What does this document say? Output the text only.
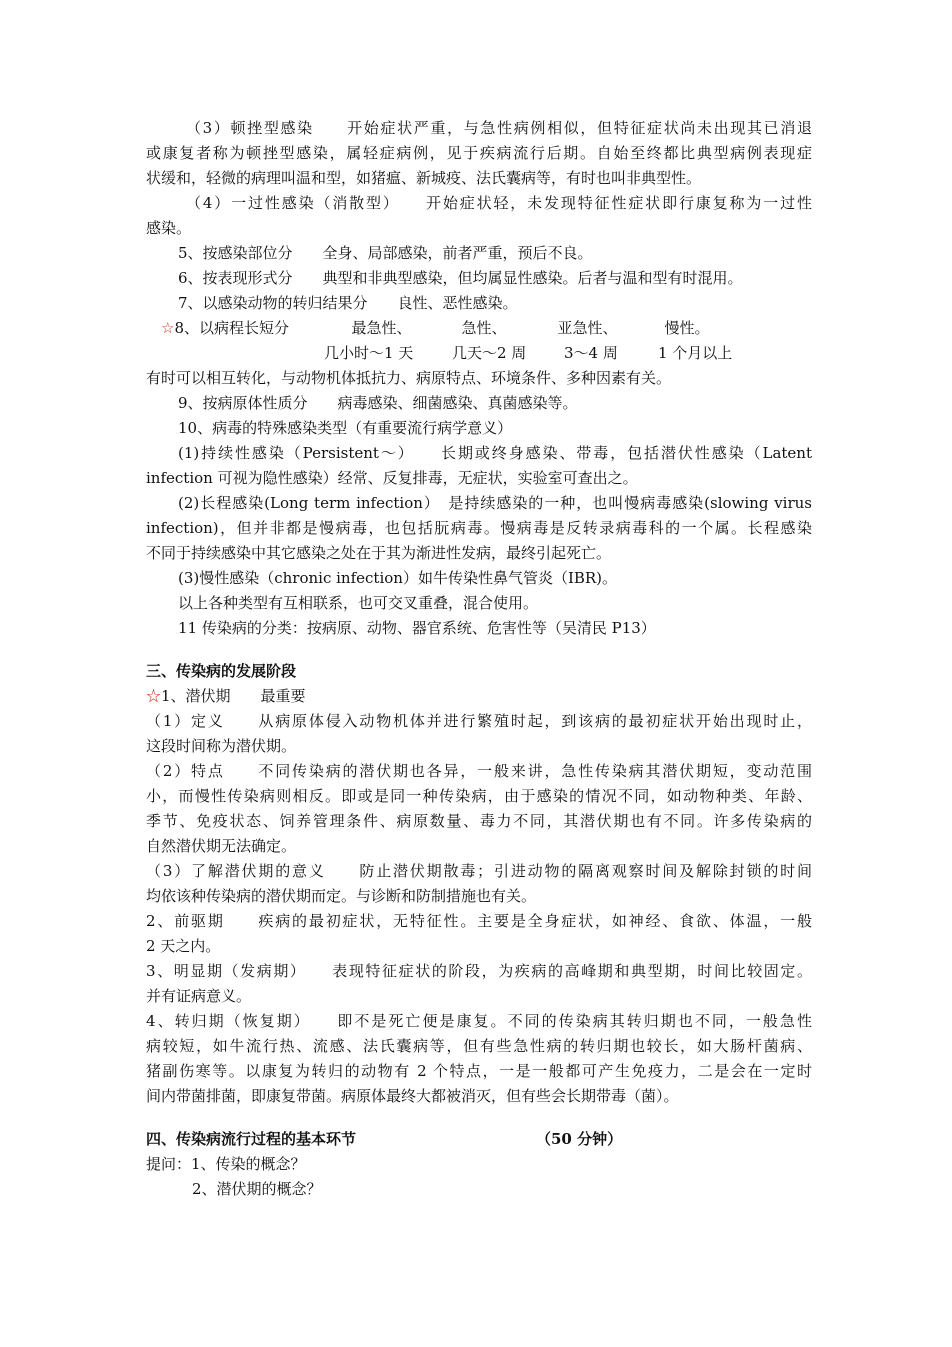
（3）顿挫型感染　　开始症状严重，与急性病例相似，但特征症状尚未出现其已消退
或康复者称为顿挫型感染，属轻症病例，见于疾病流行后期。自始至终都比典型病例表现症
状缓和，轻微的病理叫温和型，如猪瘟、新城疫、法氏囊病等，有时也叫非典型性。
（4）一过性感染（消散型）　　开始症状轻，未发现特征性症状即行康复称为一过性
感染。
5、按感染部位分　　全身、局部感染，前者严重，预后不良。
6、按表现形式分　　典型和非典型感染，但均属显性感染。后者与温和型有时混用。
7、以感染动物的转归结果分　　良性、恶性感染。
☆8、以病程长短分	最急性、	急性、	亚急性、	慢性。
几小时～1 天	几天～2 周	3～4 周	1 个月以上
有时可以相互转化，与动物机体抵抗力、病原特点、环境条件、多种因素有关。
9、按病原体性质分　　病毒感染、细菌感染、真菌感染等。
10、病毒的特殊感染类型（有重要流行病学意义）
(1)持续性感染（Persistent～）　　长期或终身感染、带毒，包括潜伏性感染（Latent
infection 可视为隐性感染）经常、反复排毒，无症状，实验室可查出之。
(2)长程感染(Long term infection）　是持续感染的一种，也叫慢病毒感染(slowing virus
infection)，但并非都是慢病毒，也包括朊病毒。慢病毒是反转录病毒科的一个属。长程感染
不同于持续感染中其它感染之处在于其为渐进性发病，最终引起死亡。
(3)慢性感染（chronic infection）如牛传染性鼻气管炎（IBR)。
以上各种类型有互相联系，也可交叉重叠，混合使用。
11 传染病的分类：按病原、动物、器官系统、危害性等（吴清民 P13）
三、传染病的发展阶段
☆1、潜伏期　　最重要
（1）定义　　从病原体侵入动物机体并进行繁殖时起，到该病的最初症状开始出现时止，
这段时间称为潜伏期。
（2）特点　　不同传染病的潜伏期也各异，一般来讲，急性传染病其潜伏期短，变动范围
小，而慢性传染病则相反。即或是同一种传染病，由于感染的情况不同，如动物种类、年龄、
季节、免疫状态、饲养管理条件、病原数量、毒力不同，其潜伏期也有不同。许多传染病的
自然潜伏期无法确定。
（3）了解潜伏期的意义　　防止潜伏期散毒；引进动物的隔离观察时间及解除封锁的时间
均依该种传染病的潜伏期而定。与诊断和防制措施也有关。
2、前驱期　　疾病的最初症状，无特征性。主要是全身症状，如神经、食欲、体温，一般
2 天之内。
3、明显期（发病期）　　表现特征症状的阶段，为疾病的高峰期和典型期，时间比较固定。
并有证病意义。
4、转归期（恢复期）　　即不是死亡便是康复。不同的传染病其转归期也不同，一般急性
病较短，如牛流行热、流感、法氏囊病等，但有些急性病的转归期也较长，如大肠杆菌病、
猪副伤寒等。以康复为转归的动物有 2 个特点，一是一般都可产生免疫力，二是会在一定时
间内带菌排菌，即康复带菌。病原体最终大都被消灭，但有些会长期带毒（菌）。
四、传染病流行过程的基本环节	（50 分钟）
提问：1、传染的概念？
2、潜伏期的概念？
